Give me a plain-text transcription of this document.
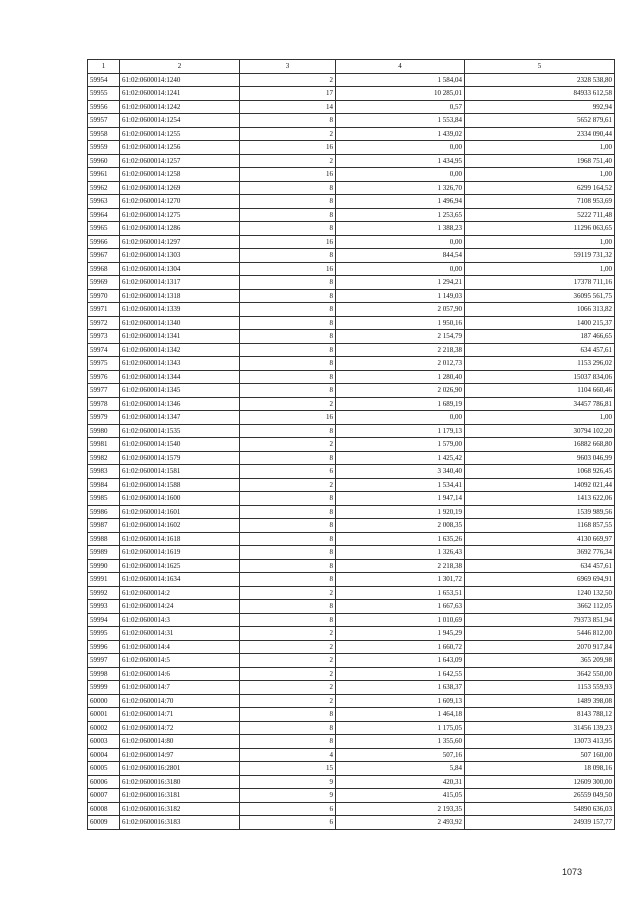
1	2	3	4	5
59954	61:02:0600014:1240	2	1 584,04	2328 538,80
59955	61:02:0600014:1241	17	10 285,01	84933 612,58
59956	61:02:0600014:1242	14	0,57	992,94
59957	61:02:0600014:1254	8	1 553,84	5652 879,61
59958	61:02:0600014:1255	2	1 439,02	2334 090,44
59959	61:02:0600014:1256	16	0,00	1,00
59960	61:02:0600014:1257	2	1 434,95	1968 751,40
59961	61:02:0600014:1258	16	0,00	1,00
59962	61:02:0600014:1269	8	1 326,70	6299 164,52
59963	61:02:0600014:1270	8	1 496,94	7108 953,69
59964	61:02:0600014:1275	8	1 253,65	5222 711,48
59965	61:02:0600014:1286	8	1 388,23	11296 063,65
59966	61:02:0600014:1297	16	0,00	1,00
59967	61:02:0600014:1303	8	844,54	59119 731,32
59968	61:02:0600014:1304	16	0,00	1,00
59969	61:02:0600014:1317	8	1 294,21	17378 711,16
59970	61:02:0600014:1318	8	1 149,03	36095 561,75
59971	61:02:0600014:1339	8	2 057,90	1066 313,82
59972	61:02:0600014:1340	8	1 950,16	1400 215,37
59973	61:02:0600014:1341	8	2 154,79	187 466,65
59974	61:02:0600014:1342	8	2 218,38	634 457,61
59975	61:02:0600014:1343	8	2 012,73	1153 296,02
59976	61:02:0600014:1344	8	1 280,40	15037 834,06
59977	61:02:0600014:1345	8	2 026,90	1104 660,46
59978	61:02:0600014:1346	2	1 689,19	34457 786,81
59979	61:02:0600014:1347	16	0,00	1,00
59980	61:02:0600014:1535	8	1 179,13	30794 102,20
59981	61:02:0600014:1540	2	1 579,00	16882 668,80
59982	61:02:0600014:1579	8	1 425,42	9603 046,99
59983	61:02:0600014:1581	6	3 340,40	1068 926,45
59984	61:02:0600014:1588	2	1 534,41	14092 021,44
59985	61:02:0600014:1600	8	1 947,14	1413 622,06
59986	61:02:0600014:1601	8	1 920,19	1539 989,56
59987	61:02:0600014:1602	8	2 008,35	1168 857,55
59988	61:02:0600014:1618	8	1 635,26	4130 669,97
59989	61:02:0600014:1619	8	1 326,43	3692 776,34
59990	61:02:0600014:1625	8	2 218,38	634 457,61
59991	61:02:0600014:1634	8	1 301,72	6969 694,91
59992	61:02:0600014:2	2	1 653,51	1240 132,50
59993	61:02:0600014:24	8	1 667,63	3662 112,05
59994	61:02:0600014:3	8	1 010,69	79373 851,94
59995	61:02:0600014:31	2	1 945,29	5446 812,00
59996	61:02:0600014:4	2	1 660,72	2070 917,84
59997	61:02:0600014:5	2	1 643,09	365 209,98
59998	61:02:0600014:6	2	1 642,55	3642 550,00
59999	61:02:0600014:7	2	1 638,37	1153 559,93
60000	61:02:0600014:70	2	1 609,13	1489 398,08
60001	61:02:0600014:71	8	1 464,18	8143 788,12
60002	61:02:0600014:72	8	1 175,05	31456 139,23
60003	61:02:0600014:80	8	1 355,60	13073 413,95
60004	61:02:0600014:97	4	507,16	507 160,00
60005	61:02:0600016:2801	15	5,84	18 098,16
60006	61:02:0600016:3180	9	420,31	12609 300,00
60007	61:02:0600016:3181	9	415,05	26559 049,50
60008	61:02:0600016:3182	6	2 193,35	54890 636,03
60009	61:02:0600016:3183	6	2 493,92	24939 157,77
1073
